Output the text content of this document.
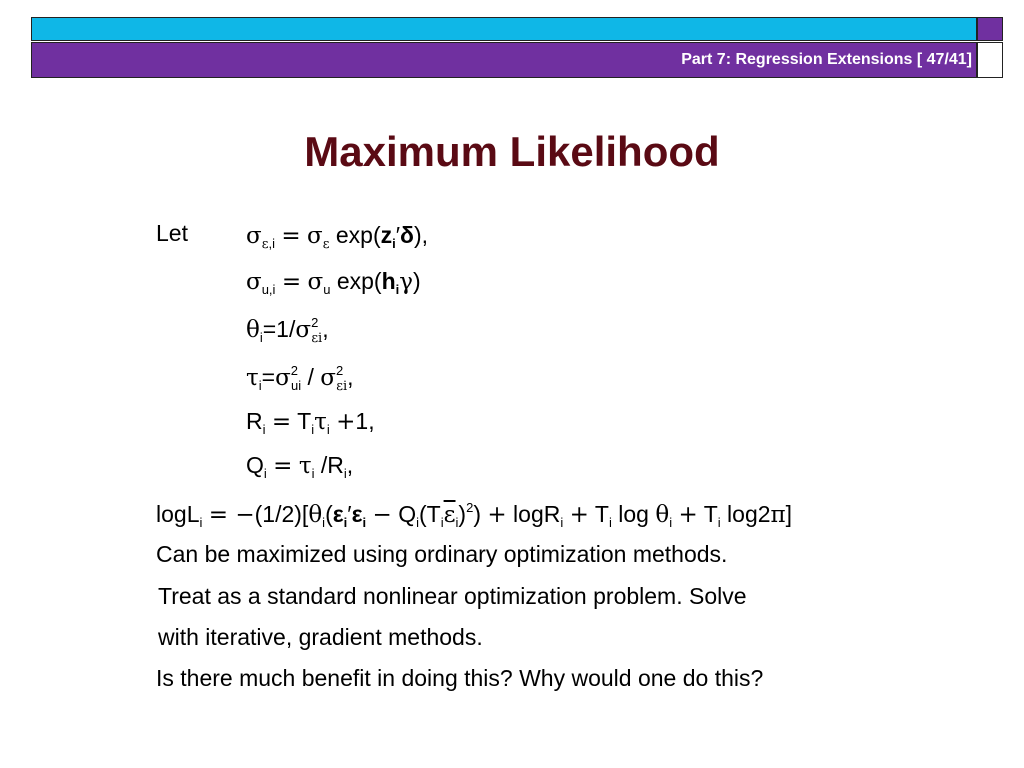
Part 7: Regression Extensions [ 47/41]
Maximum Likelihood
Let	$\sigma_{\varepsilon,i} = \sigma_\varepsilon$ $\exp(z_i'\delta)$,
$\sigma_{u,i} = \sigma_u$ $\exp(h_i\gamma)$
$\theta_i=1/\sigma^2_{\varepsilon i}$,
$\tau_i=\sigma^2_{ui} / \sigma^2_{\varepsilon i}$,
$R_i = T_i\tau_i +1$,
$Q_i = \tau_i$ $/R_i$,
$\log L_i = -(1/2)[\theta_i(\varepsilon_i'\varepsilon_i - Q_i(T_i\overline{\varepsilon}_i)^2) + \log R_i + T_i$ $\log \theta_i + T_i$ log2π]
Can be maximized using ordinary optimization methods.
Treat as a standard nonlinear optimization problem. Solve
with iterative, gradient methods.
Is there much benefit in doing this? Why would one do this?
